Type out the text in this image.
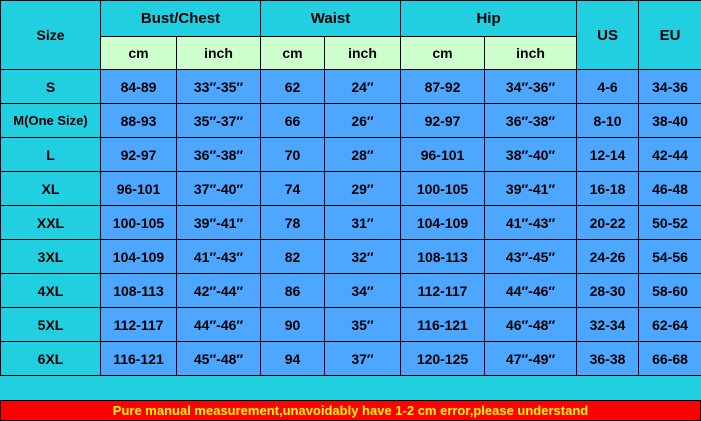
Size	Bust/Chest		Waist		Hip		US	EU
	cm	inch	cm	inch	cm	inch		
S	84-89	33″-35″	62	24″	87-92	34″-36″	4-6	34-36
M(One Size)	88-93	35″-37″	66	26″	92-97	36″-38″	8-10	38-40
L	92-97	36″-38″	70	28″	96-101	38″-40″	12-14	42-44
XL	96-101	37″-40″	74	29″	100-105	39″-41″	16-18	46-48
XXL	100-105	39″-41″	78	31″	104-109	41″-43″	20-22	50-52
3XL	104-109	41″-43″	82	32″	108-113	43″-45″	24-26	54-56
4XL	108-113	42″-44″	86	34″	112-117	44″-46″	28-30	58-60
5XL	112-117	44″-46″	90	35″	116-121	46″-48″	32-34	62-64
6XL	116-121	45″-48″	94	37″	120-125	47″-49″	36-38	66-68
Pure manual measurement,unavoidably have 1-2 cm error,please understand
